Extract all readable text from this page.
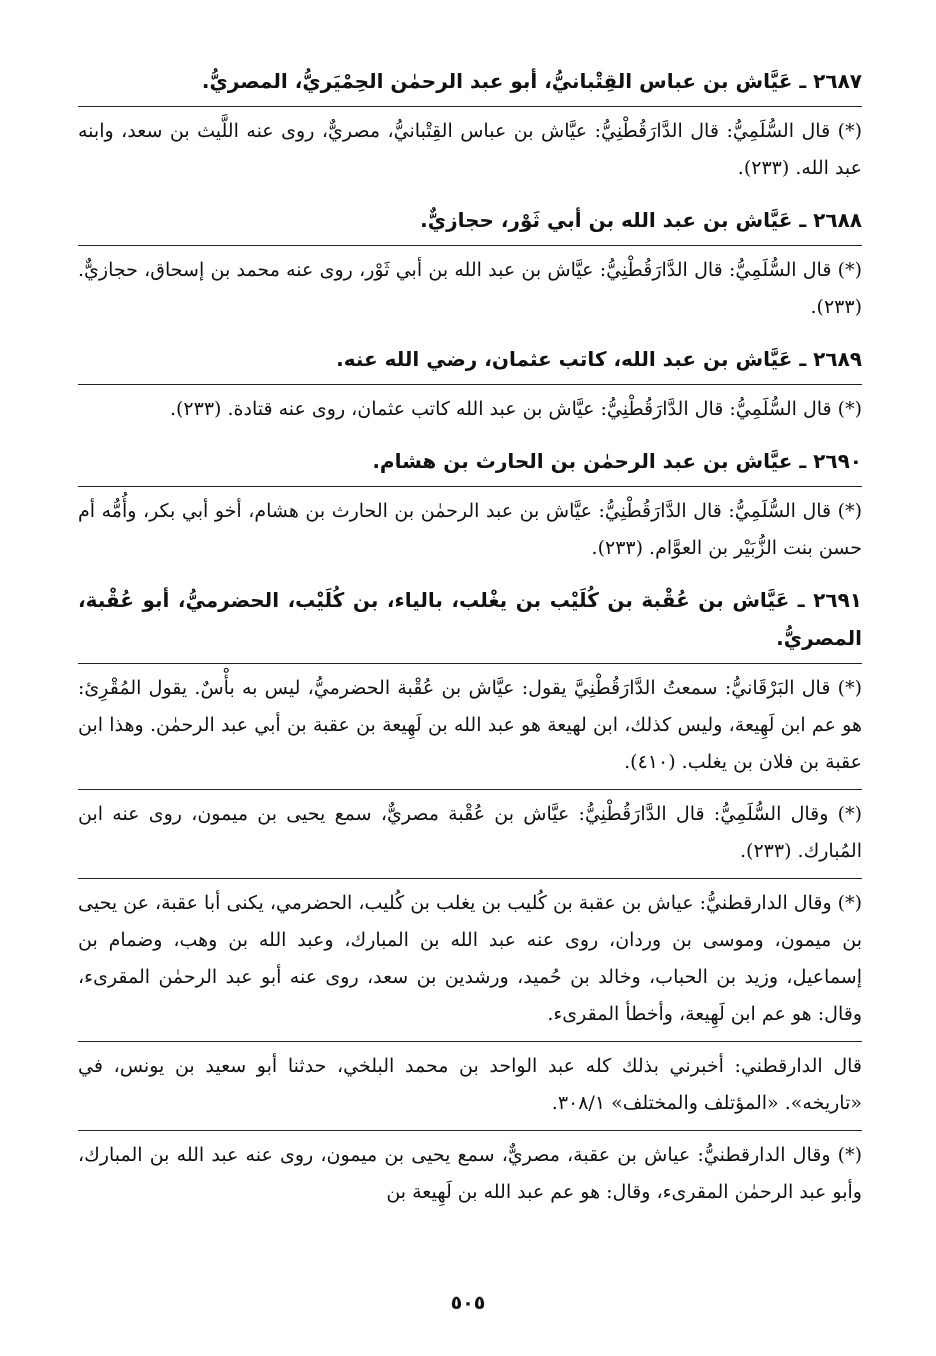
٢٦٨٧ ـ عَيَّاش بن عباس القِتْبانيُّ، أبو عبد الرحمٰن الحِمْيَريُّ، المصريُّ.

(*) قال السُّلَمِيُّ: قال الدَّارَقُطْنِيُّ: عيَّاش بن عباس القِتْبانيُّ، مصريٌّ، روى عنه اللَّيث بن سعد، وابنه عبد الله. (٢٣٣).

٢٦٨٨ ـ عَيَّاش بن عبد الله بن أبي ثَوْر، حجازيٌّ.

(*) قال السُّلَمِيُّ: قال الدَّارَقُطْنِيُّ: عيَّاش بن عبد الله بن أبي ثَوْر، روى عنه محمد بن إسحاق، حجازيٌّ. (٢٣٣).

٢٦٨٩ ـ عَيَّاش بن عبد الله، كاتب عثمان، رضي الله عنه.

(*) قال السُّلَمِيُّ: قال الدَّارَقُطْنِيُّ: عيَّاش بن عبد الله كاتب عثمان، روى عنه قتادة. (٢٣٣).

٢٦٩٠ ـ عيَّاش بن عبد الرحمٰن بن الحارث بن هشام.

(*) قال السُّلَمِيُّ: قال الدَّارَقُطْنِيُّ: عيَّاش بن عبد الرحمٰن بن الحارث بن هشام، أخو أبي بكر، وأُمُّه أم حسن بنت الزُّبَيْر بن العوَّام. (٢٣٣).

٢٦٩١ ـ عَيَّاش بن عُقْبة بن كُلَيْب بن يغْلب، بالياء، بن كُلَيْب، الحضرميُّ، أبو عُقْبة، المصريُّ.

(*) قال البَرْقَانيُّ: سمعتُ الدَّارَقُطْنِيَّ يقول: عيَّاش بن عُقْبة الحضرميُّ، ليس به بأْسٌ. يقول المُقْرِئ: هو عم ابن لَهِيعة، وليس كذلك، ابن لهيعة هو عبد الله بن لَهِيعة بن عقبة بن أبي عبد الرحمٰن. وهذا ابن عقبة بن فلان بن يغلب. (٤١٠).

(*) وقال السُّلَمِيُّ: قال الدَّارَقُطْنِيُّ: عيَّاش بن عُقْبة مصريٌّ، سمع يحيى بن ميمون، روى عنه ابن المُبارك. (٢٣٣).

(*) وقال الدارقطنيُّ: عياش بن عقبة بن كُليب بن يغلب بن كُليب، الحضرمي، يكنى أبا عقبة، عن يحيى بن ميمون، وموسى بن وردان، روى عنه عبد الله بن المبارك، وعبد الله بن وهب، وضمام بن إسماعيل، وزيد بن الحباب، وخالد بن حُميد، ورشدين بن سعد، روى عنه أبو عبد الرحمٰن المقرىء، وقال: هو عم ابن لَهِيعة، وأخطأ المقرىء.

قال الدارقطني: أخبرني بذلك كله عبد الواحد بن محمد البلخي، حدثنا أبو سعيد بن يونس، في «تاريخه». «المؤتلف والمختلف» ٣٠٨/١.

(*) وقال الدارقطنيُّ: عياش بن عقبة، مصريٌّ، سمع يحيى بن ميمون، روى عنه عبد الله بن المبارك، وأبو عبد الرحمٰن المقرىء، وقال: هو عم عبد الله بن لَهِيعة بن

٥٠٥
